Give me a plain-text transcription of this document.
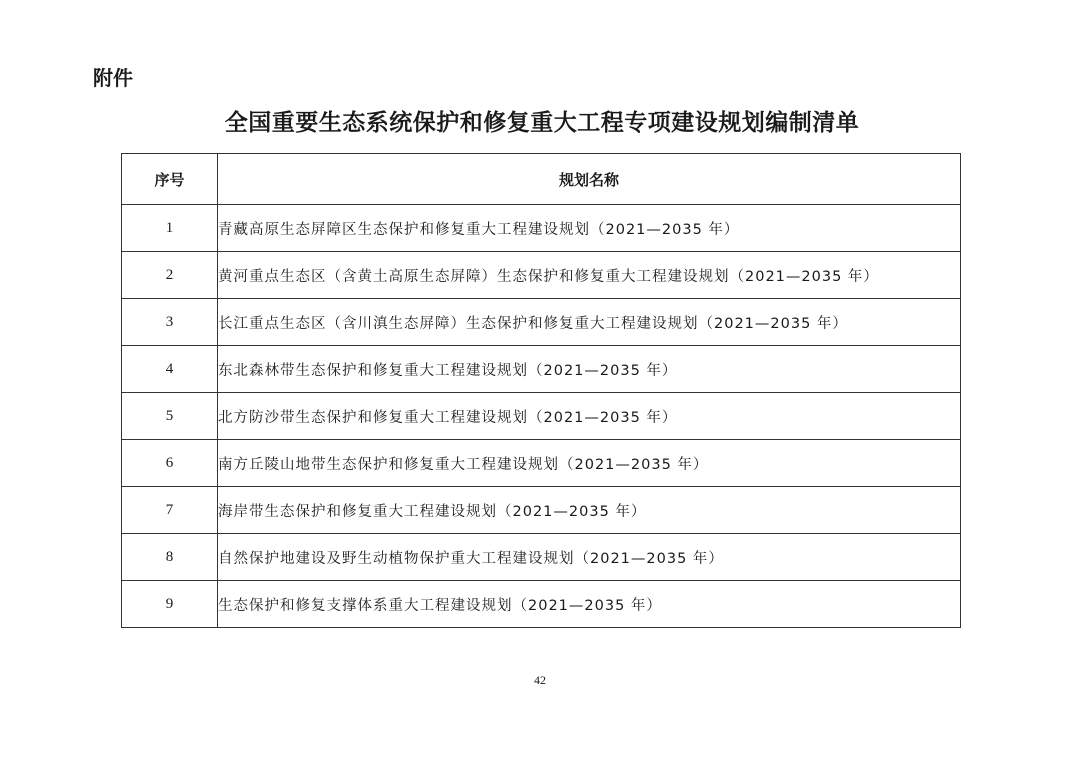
附件
全国重要生态系统保护和修复重大工程专项建设规划编制清单
序号	规划名称
1	青藏高原生态屏障区生态保护和修复重大工程建设规划（2021—2035 年）
2	黄河重点生态区（含黄土高原生态屏障）生态保护和修复重大工程建设规划（2021—2035 年）
3	长江重点生态区（含川滇生态屏障）生态保护和修复重大工程建设规划（2021—2035 年）
4	东北森林带生态保护和修复重大工程建设规划（2021—2035 年）
5	北方防沙带生态保护和修复重大工程建设规划（2021—2035 年）
6	南方丘陵山地带生态保护和修复重大工程建设规划（2021—2035 年）
7	海岸带生态保护和修复重大工程建设规划（2021—2035 年）
8	自然保护地建设及野生动植物保护重大工程建设规划（2021—2035 年）
9	生态保护和修复支撑体系重大工程建设规划（2021—2035 年）
42
